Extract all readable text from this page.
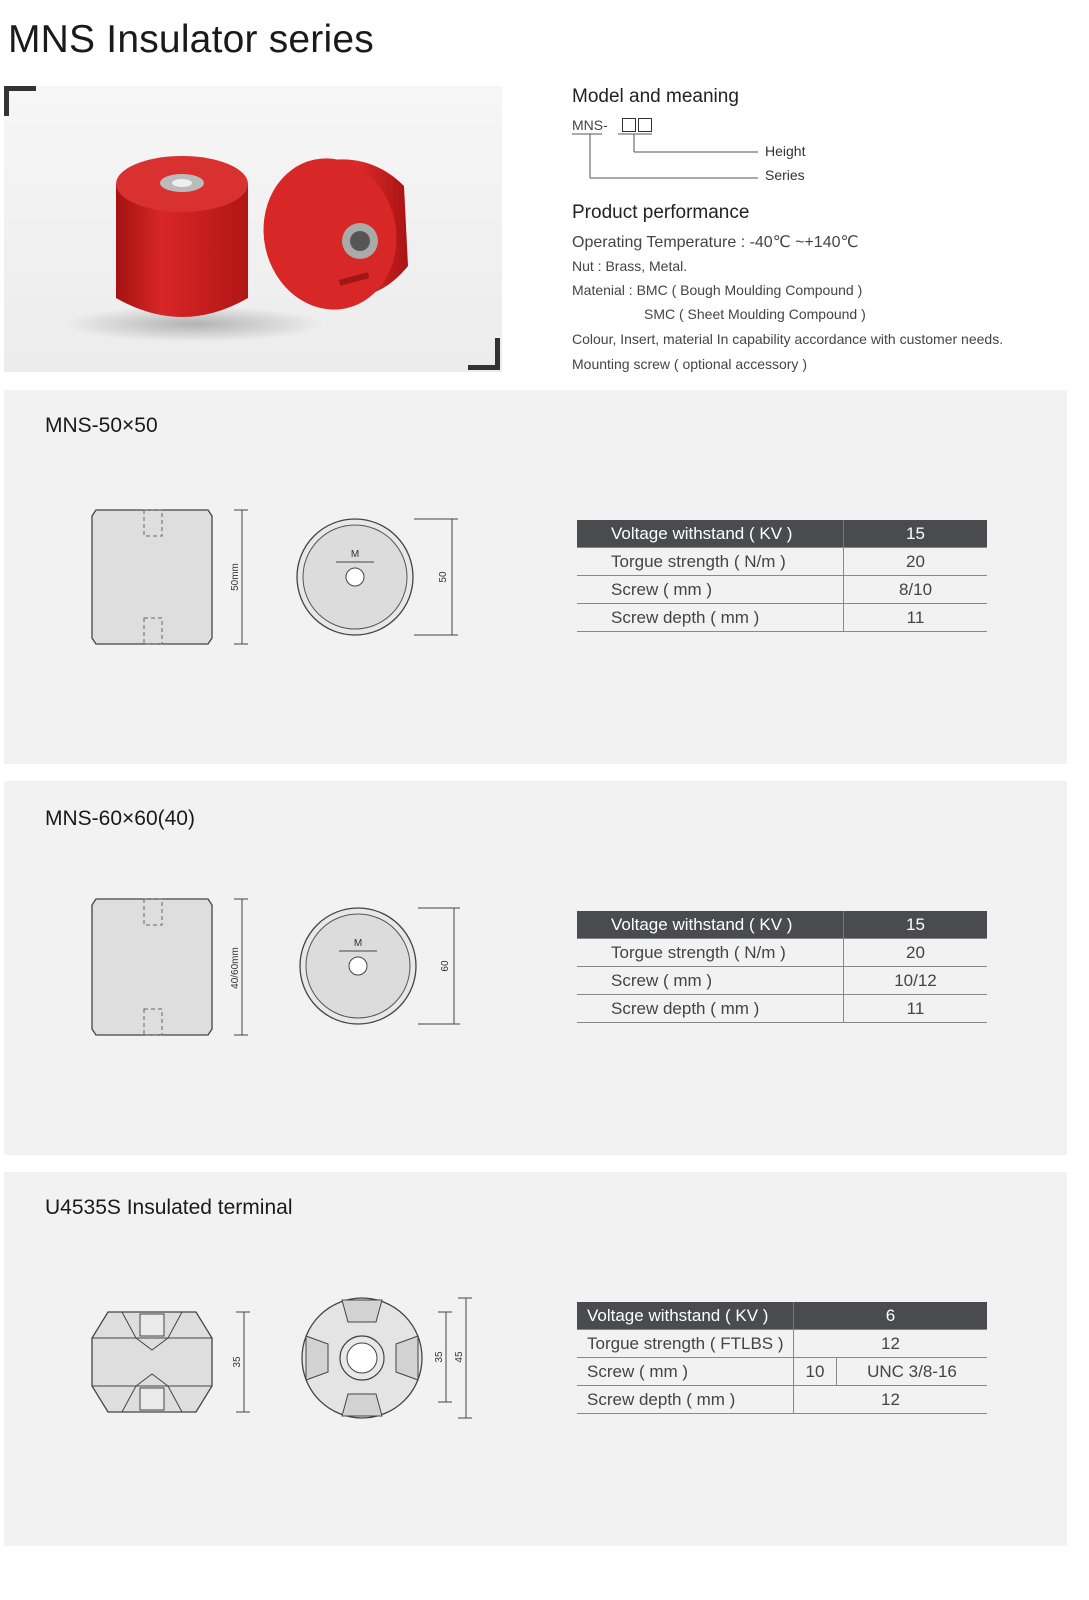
MNS Insulator series
Model and meaning
MNS-
Height
Series
Product performance
Operating Temperature : -40℃ ~+140℃
Nut : Brass, Metal.
Matenial : BMC ( Bough Moulding Compound )
SMC ( Sheet Moulding Compound )
Colour, Insert, material In capability accordance with customer needs.
Mounting screw ( optional accessory )
MNS-50×50
50mm
M
50
Voltage withstand ( KV )	15
Torgue strength ( N/m )	20
Screw ( mm )	8/10
Screw depth ( mm )	11
MNS-60×60(40)
40/60mm
M
60
Voltage withstand ( KV )	15
Torgue strength ( N/m )	20
Screw ( mm )	10/12
Screw depth ( mm )	11
U4535S Insulated terminal
35	35 45
Voltage withstand ( KV )	6	
Torgue strength ( FTLBS )	12	
Screw ( mm )	10	UNC 3/8-16
Screw depth ( mm )	12	
